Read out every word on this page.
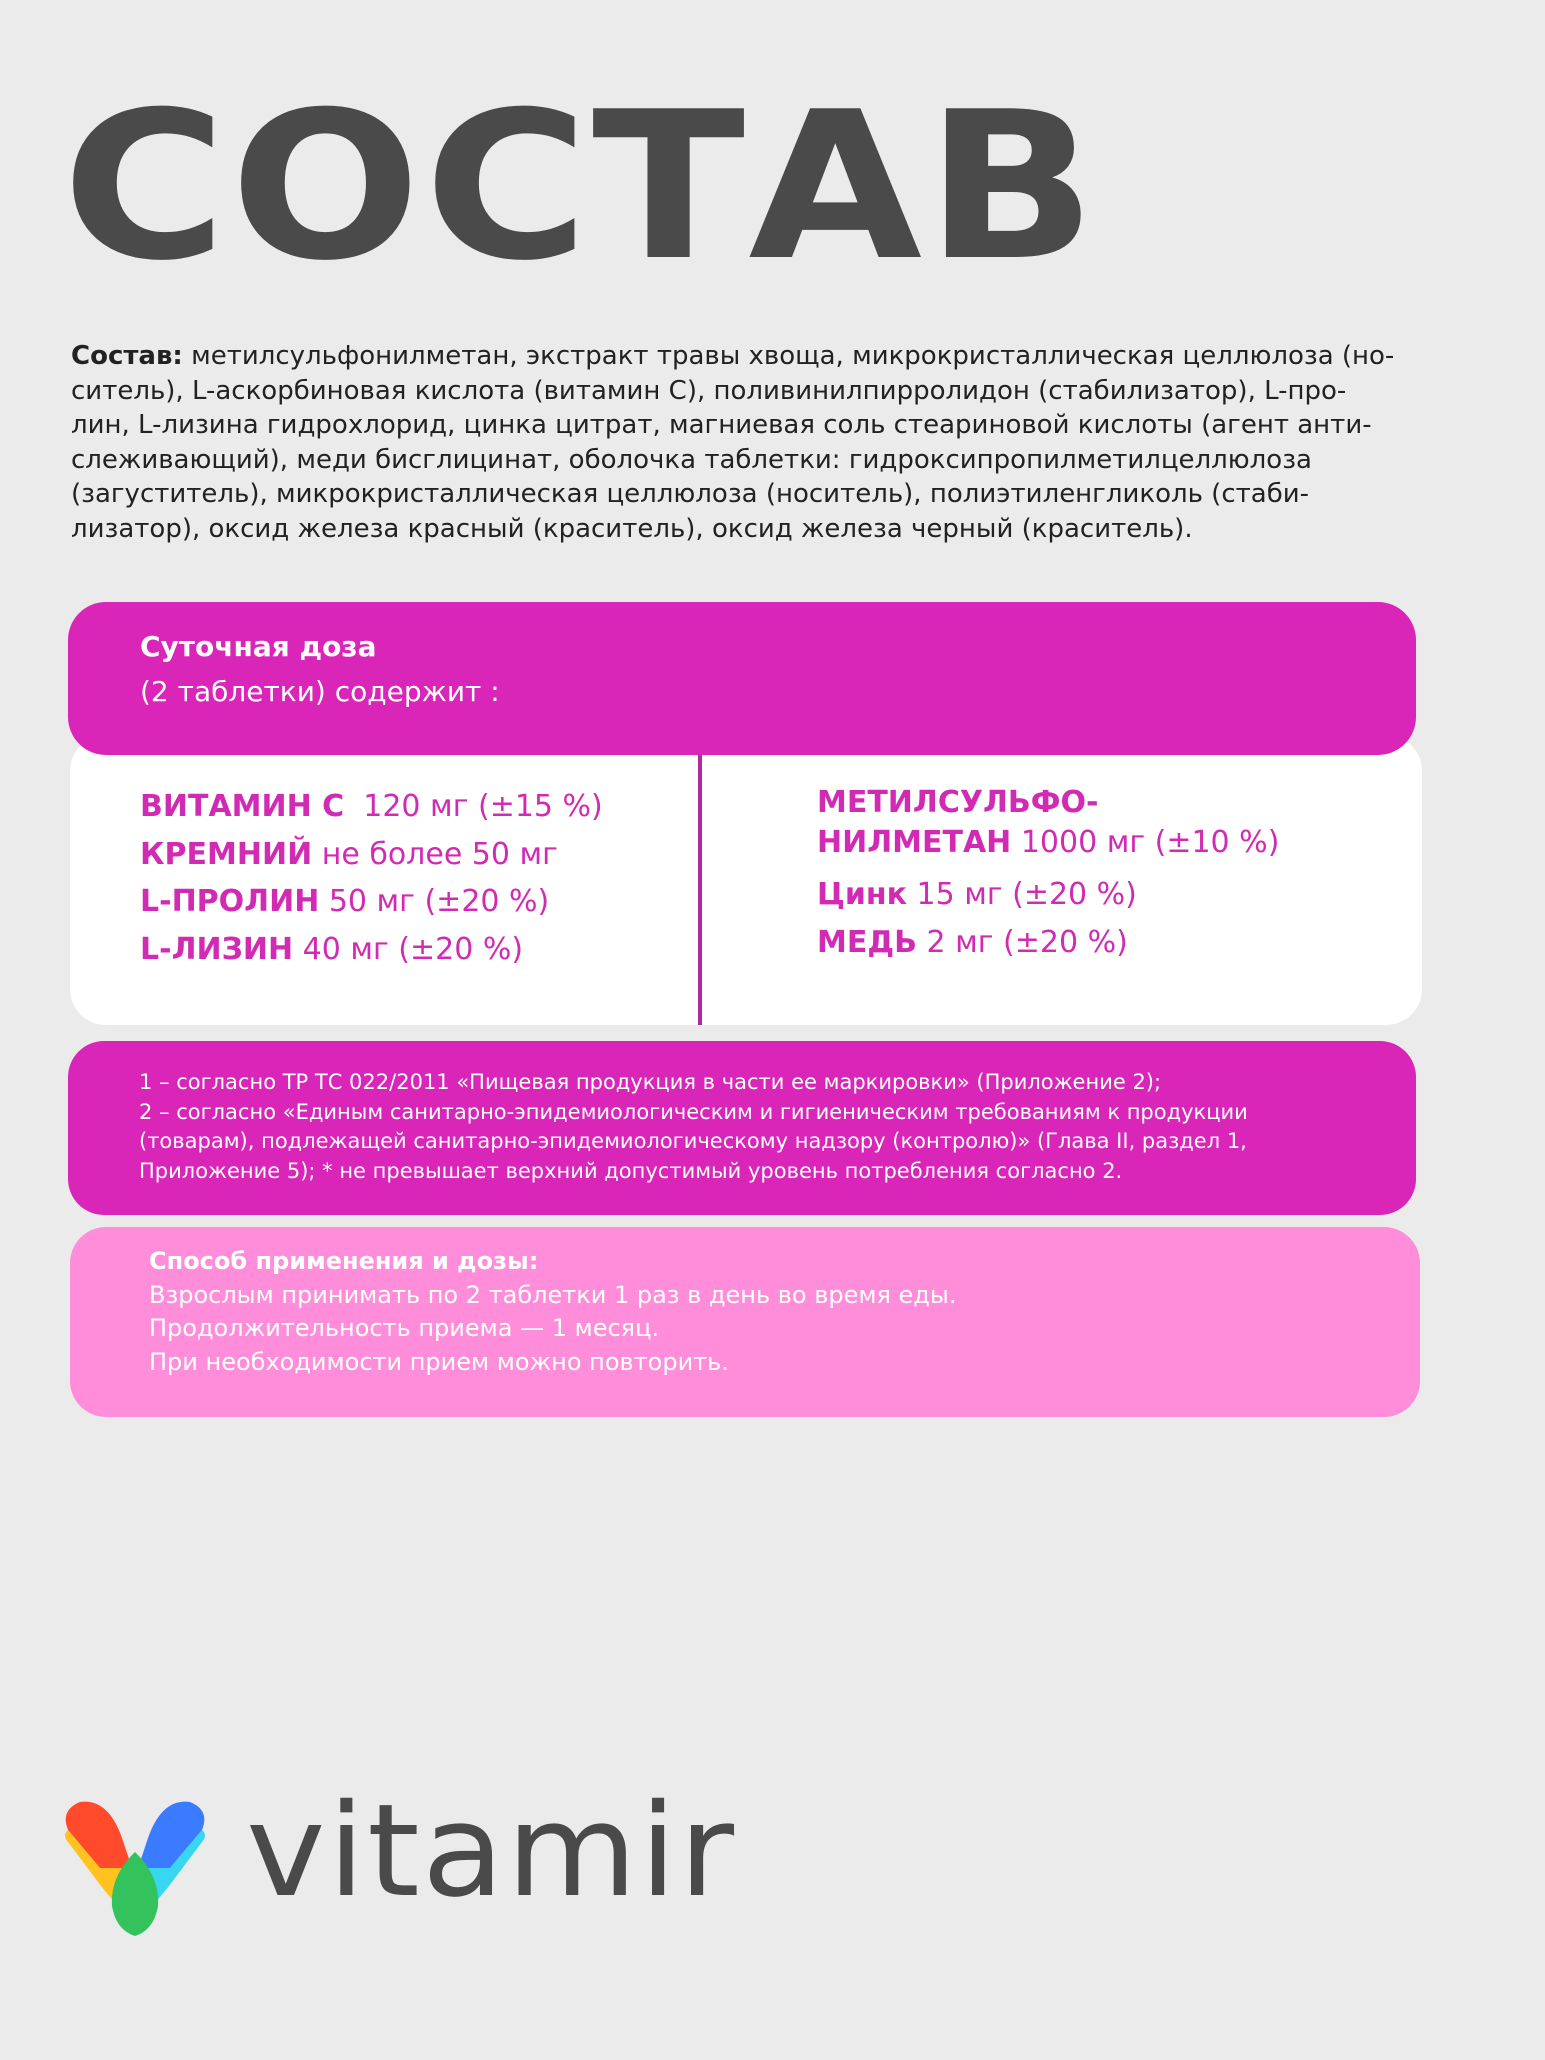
СОСТАВ

Состав: метилсульфонилметан, экстракт травы хвоща, микрокристаллическая целлюлоза (но-
ситель), L-аскорбиновая кислота (витамин С), поливинилпирролидон (стабилизатор), L-про-
лин, L-лизина гидрохлорид, цинка цитрат, магниевая соль стеариновой кислоты (агент анти-
слеживающий), меди бисглицинат, оболочка таблетки: гидроксипропилметилцеллюлоза
(загуститель), микрокристаллическая целлюлоза (носитель), полиэтиленгликоль (стаби-
лизатор), оксид железа красный (краситель), оксид железа черный (краситель).

Суточная доза
(2 таблетки) содержит :
ВИТАМИН С  120 мг (±15 %)
КРЕМНИЙ не более 50 мг
L-ПРОЛИН 50 мг (±20 %)
L-ЛИЗИН 40 мг (±20 %)
МЕТИЛСУЛЬФО-
НИЛМЕТАН 1000 мг (±10 %)
Цинк 15 мг (±20 %)
МЕДЬ 2 мг (±20 %)

1 – согласно ТР ТС 022/2011 «Пищевая продукция в части ее маркировки» (Приложение 2);
2 – согласно «Единым санитарно-эпидемиологическим и гигиеническим требованиям к продукции
(товарам), подлежащей санитарно-эпидемиологическому надзору (контролю)» (Глава II, раздел 1,
Приложение 5); * не превышает верхний допустимый уровень потребления согласно 2.

Способ применения и дозы:
Взрослым принимать по 2 таблетки 1 раз в день во время еды.
Продолжительность приема — 1 месяц.
При необходимости прием можно повторить.
vitamir
